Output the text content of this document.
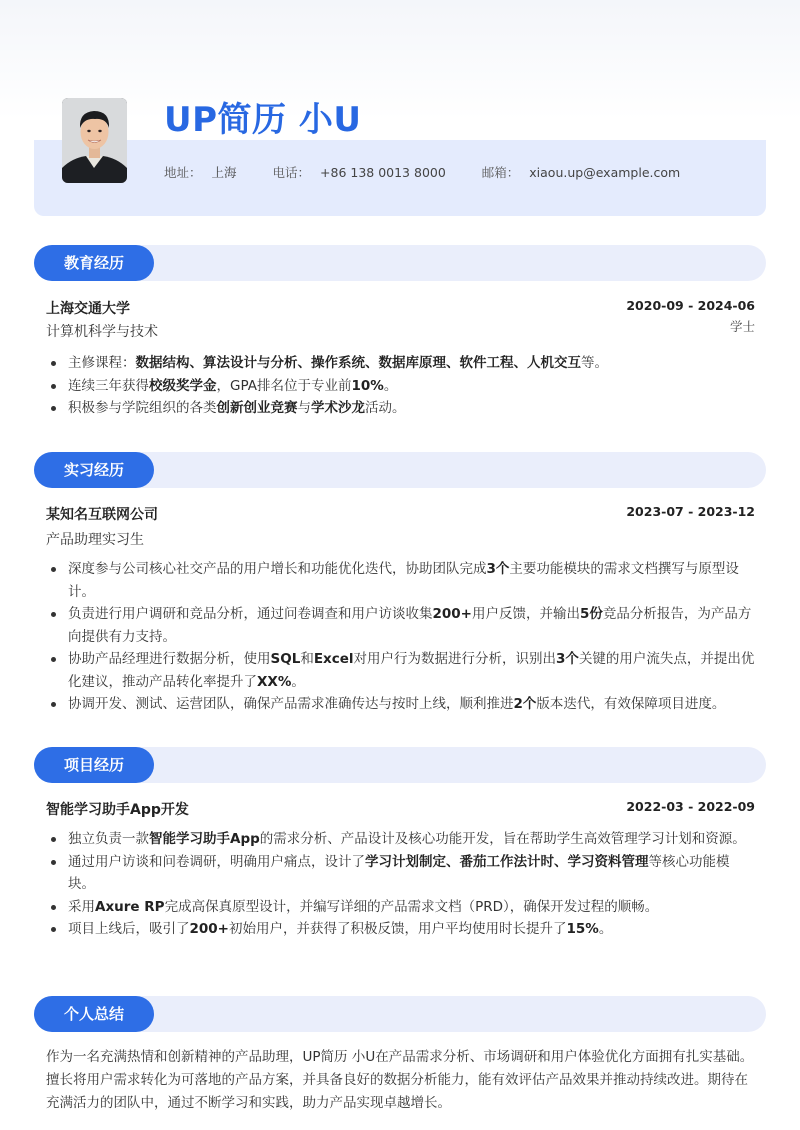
UP简历 小U
地址： 上海	电话： +86 138 0013 8000	邮箱： xiaou.up@example.com
教育经历
上海交通大学	2020-09 - 2024-06
计算机科学与技术	学士
主修课程：数据结构、算法设计与分析、操作系统、数据库原理、软件工程、人机交互等。
连续三年获得校级奖学金，GPA排名位于专业前10%。
积极参与学院组织的各类创新创业竞赛与学术沙龙活动。
实习经历
某知名互联网公司	2023-07 - 2023-12
产品助理实习生
深度参与公司核心社交产品的用户增长和功能优化迭代，协助团队完成3个主要功能模块的需求文档撰写与原型设计。
负责进行用户调研和竞品分析，通过问卷调查和用户访谈收集200+用户反馈，并输出5份竞品分析报告，为产品方向提供有力支持。
协助产品经理进行数据分析，使用SQL和Excel对用户行为数据进行分析，识别出3个关键的用户流失点，并提出优化建议，推动产品转化率提升了XX%。
协调开发、测试、运营团队，确保产品需求准确传达与按时上线，顺利推进2个版本迭代，有效保障项目进度。
项目经历
智能学习助手App开发	2022-03 - 2022-09
独立负责一款智能学习助手App的需求分析、产品设计及核心功能开发，旨在帮助学生高效管理学习计划和资源。
通过用户访谈和问卷调研，明确用户痛点，设计了学习计划制定、番茄工作法计时、学习资料管理等核心功能模块。
采用Axure RP完成高保真原型设计，并编写详细的产品需求文档（PRD），确保开发过程的顺畅。
项目上线后，吸引了200+初始用户，并获得了积极反馈，用户平均使用时长提升了15%。
个人总结
作为一名充满热情和创新精神的产品助理，UP简历 小U在产品需求分析、市场调研和用户体验优化方面拥有扎实基础。擅长将用户需求转化为可落地的产品方案，并具备良好的数据分析能力，能有效评估产品效果并推动持续改进。期待在充满活力的团队中，通过不断学习和实践，助力产品实现卓越增长。
